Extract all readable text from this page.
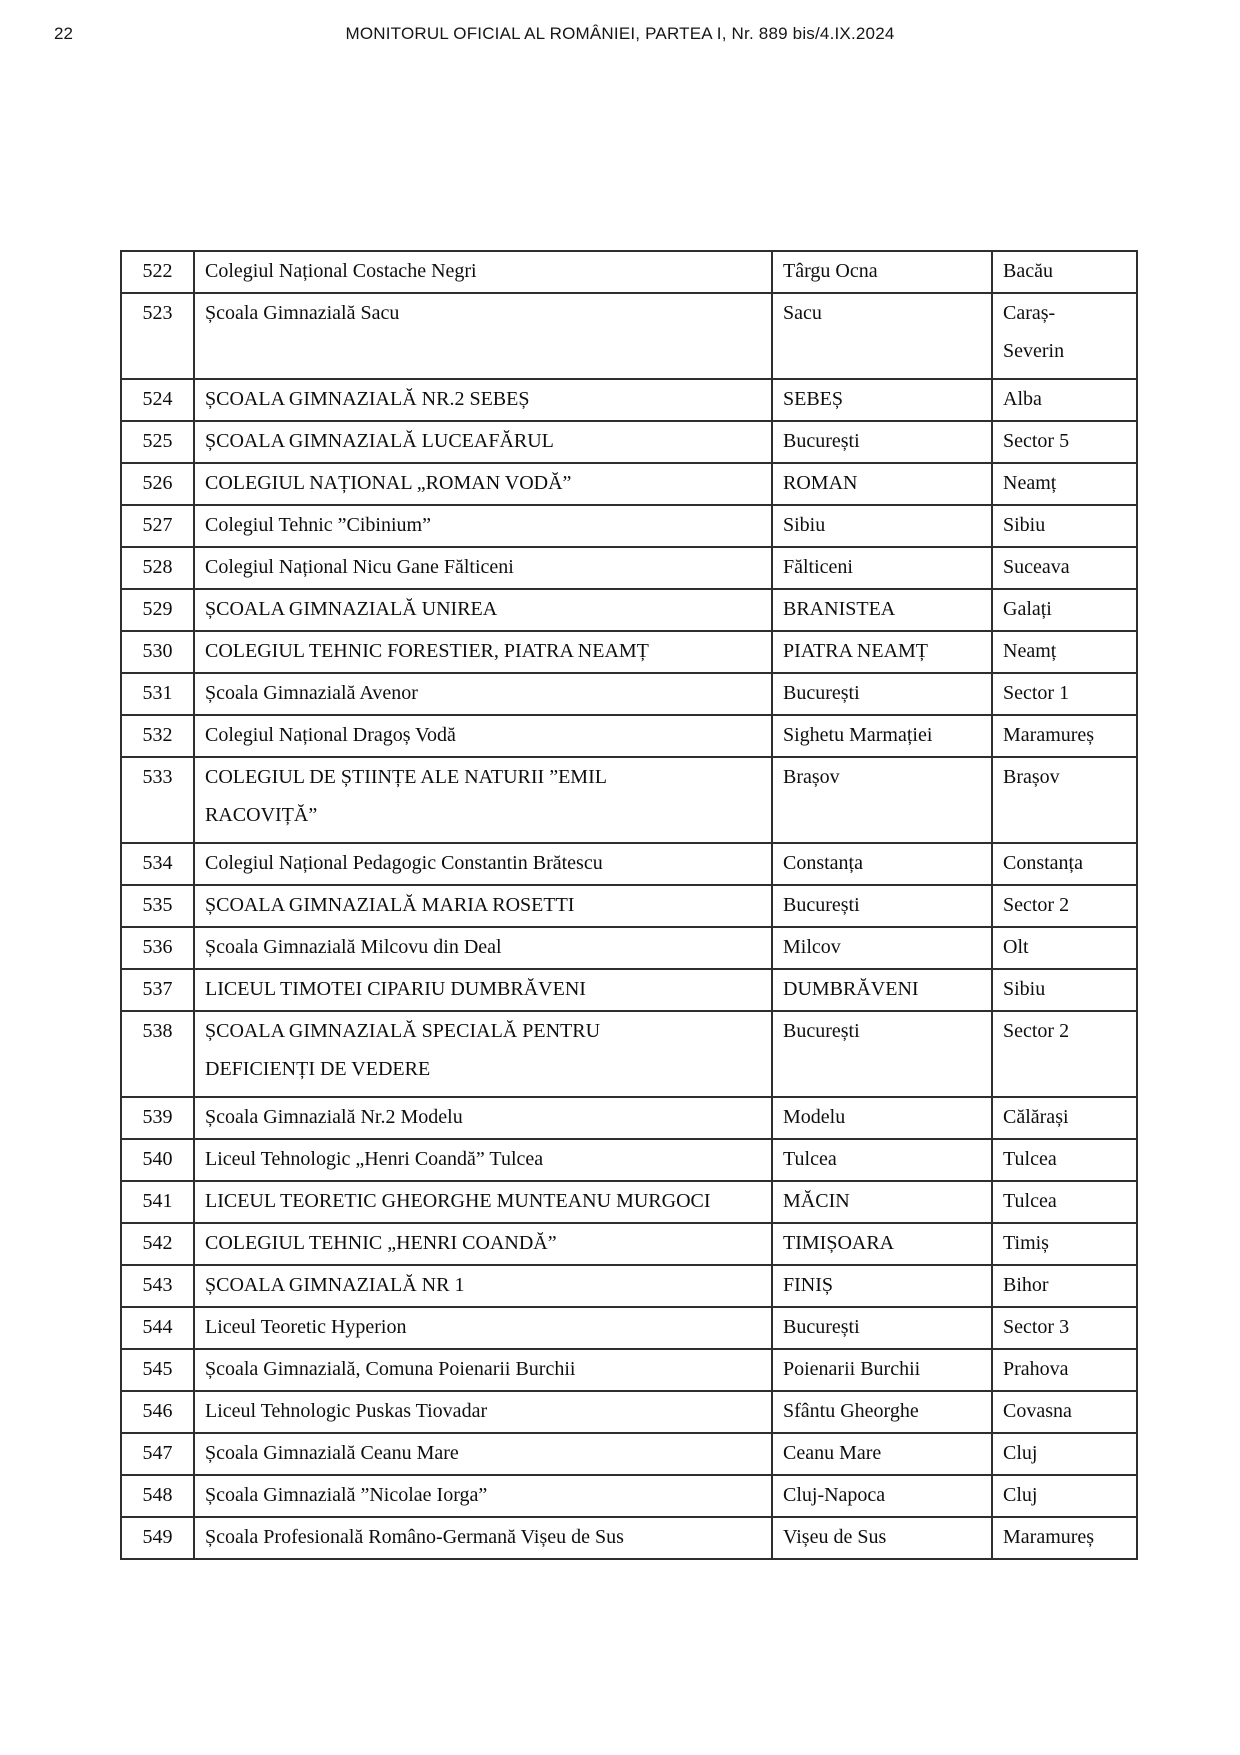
22	MONITORUL OFICIAL AL ROMÂNIEI, PARTEA I, Nr. 889 bis/4.IX.2024
522	Colegiul Național Costache Negri	Târgu Ocna	Bacău
523	Școala Gimnazială Sacu	Sacu	Caraș-
Severin

524	ȘCOALA GIMNAZIALĂ NR.2 SEBEȘ	SEBEȘ	Alba
525	ȘCOALA GIMNAZIALĂ LUCEAFĂRUL	București	Sector 5
526	COLEGIUL NAȚIONAL „ROMAN VODĂ”	ROMAN	Neamț
527	Colegiul Tehnic ”Cibinium”	Sibiu	Sibiu
528	Colegiul Național Nicu Gane Fălticeni	Fălticeni	Suceava
529	ȘCOALA GIMNAZIALĂ UNIREA	BRANISTEA	Galați
530	COLEGIUL TEHNIC FORESTIER, PIATRA NEAMȚ	PIATRA NEAMȚ	Neamț
531	Școala Gimnazială Avenor	București	Sector 1
532	Colegiul Național Dragoș Vodă	Sighetu Marmației	Maramureș
533	COLEGIUL DE ȘTIINȚE ALE NATURII ”EMIL
RACOVIȚĂ”	Brașov	Brașov
534	Colegiul Național Pedagogic Constantin Brătescu	Constanța	Constanța
535	ȘCOALA GIMNAZIALĂ MARIA ROSETTI	București	Sector 2
536	Școala Gimnazială Milcovu din Deal	Milcov	Olt
537	LICEUL TIMOTEI CIPARIU DUMBRĂVENI	DUMBRĂVENI	Sibiu
538	ȘCOALA GIMNAZIALĂ SPECIALĂ PENTRU
DEFICIENȚI DE VEDERE	București	Sector 2
539	Școala Gimnazială Nr.2 Modelu	Modelu	Călărași
540	Liceul Tehnologic „Henri Coandă” Tulcea	Tulcea	Tulcea
541	LICEUL TEORETIC GHEORGHE MUNTEANU MURGOCI	MĂCIN	Tulcea
542	COLEGIUL TEHNIC „HENRI COANDĂ”	TIMIȘOARA	Timiș
543	ȘCOALA GIMNAZIALĂ NR 1	FINIȘ	Bihor
544	Liceul Teoretic Hyperion	București	Sector 3
545	Școala Gimnazială, Comuna Poienarii Burchii	Poienarii Burchii	Prahova
546	Liceul Tehnologic Puskas Tiovadar	Sfântu Gheorghe	Covasna
547	Școala Gimnazială Ceanu Mare	Ceanu Mare	Cluj
548	Școala Gimnazială ”Nicolae Iorga”	Cluj-Napoca	Cluj
549	Școala Profesională Româno-Germană Vișeu de Sus	Vișeu de Sus	Maramureș
